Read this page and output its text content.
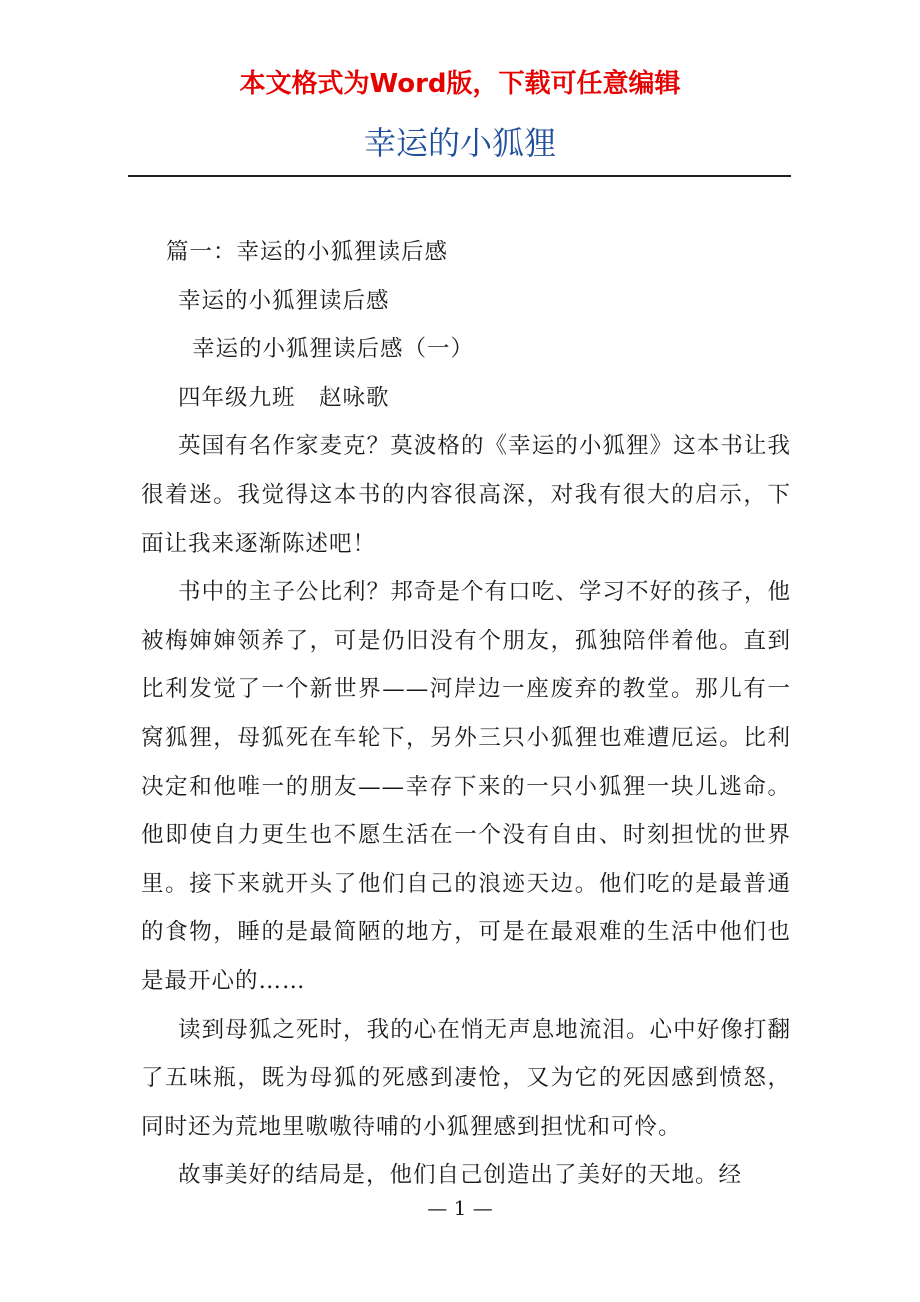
本文格式为Word版，下载可任意编辑
幸运的小狐狸

篇一：幸运的小狐狸读后感

幸运的小狐狸读后感

幸运的小狐狸读后感（一）

四年级九班　赵咏歌

英国有名作家麦克？莫波格的《幸运的小狐狸》这本书让我很着迷。我觉得这本书的内容很高深，对我有很大的启示，下面让我来逐渐陈述吧！

书中的主子公比利？邦奇是个有口吃、学习不好的孩子，他被梅婶婶领养了，可是仍旧没有个朋友，孤独陪伴着他。直到比利发觉了一个新世界——河岸边一座废弃的教堂。那儿有一窝狐狸，母狐死在车轮下，另外三只小狐狸也难遭厄运。比利决定和他唯一的朋友——幸存下来的一只小狐狸一块儿逃命。他即使自力更生也不愿生活在一个没有自由、时刻担忧的世界里。接下来就开头了他们自己的浪迹天边。他们吃的是最普通的食物，睡的是最简陋的地方，可是在最艰难的生活中他们也是最开心的……

读到母狐之死时，我的心在悄无声息地流泪。心中好像打翻了五味瓶，既为母狐的死感到凄怆，又为它的死因感到愤怒，同时还为荒地里嗷嗷待哺的小狐狸感到担忧和可怜。

故事美好的结局是，他们自己创造出了美好的天地。经

— 1 —
